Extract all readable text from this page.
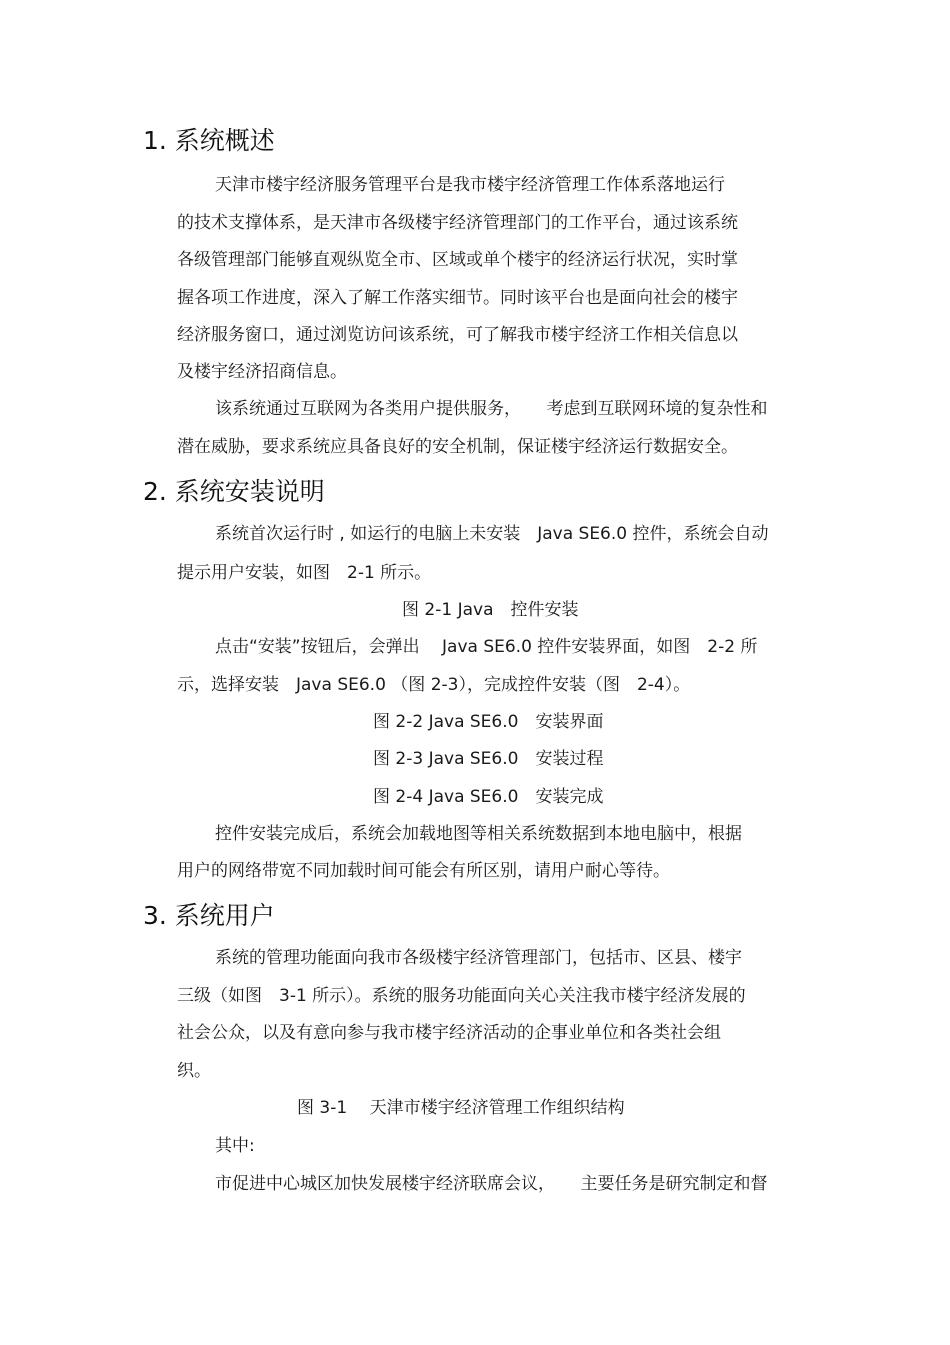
1. 系统概述
天津市楼宇经济服务管理平台是我市楼宇经济管理工作体系落地运行
的技术支撑体系，是天津市各级楼宇经济管理部门的工作平台，通过该系统
各级管理部门能够直观纵览全市、区域或单个楼宇的经济运行状况，实时掌
握各项工作进度，深入了解工作落实细节。同时该平台也是面向社会的楼宇
经济服务窗口，通过浏览访问该系统，可了解我市楼宇经济工作相关信息以
及楼宇经济招商信息。
该系统通过互联网为各类用户提供服务，　　考虑到互联网环境的复杂性和
潜在威胁，要求系统应具备良好的安全机制，保证楼宇经济运行数据安全。
2. 系统安装说明
系统首次运行时 , 如运行的电脑上未安装　Java SE6.0 控件，系统会自动
提示用户安装，如图　2-1 所示。
图 2-1 Java　控件安装
点击“安装”按钮后，会弹出　 Java SE6.0 控件安装界面，如图　2-2 所
示，选择安装　Java SE6.0 （图 2-3），完成控件安装（图　2-4）。
图 2-2 Java SE6.0　安装界面
图 2-3 Java SE6.0　安装过程
图 2-4 Java SE6.0　安装完成
控件安装完成后，系统会加载地图等相关系统数据到本地电脑中，根据
用户的网络带宽不同加载时间可能会有所区别，请用户耐心等待。
3. 系统用户
系统的管理功能面向我市各级楼宇经济管理部门，包括市、区县、楼宇
三级（如图　3-1 所示）。系统的服务功能面向关心关注我市楼宇经济发展的
社会公众，以及有意向参与我市楼宇经济活动的企事业单位和各类社会组
织。
图 3-1　 天津市楼宇经济管理工作组织结构
其中:
市促进中心城区加快发展楼宇经济联席会议，　　主要任务是研究制定和督
